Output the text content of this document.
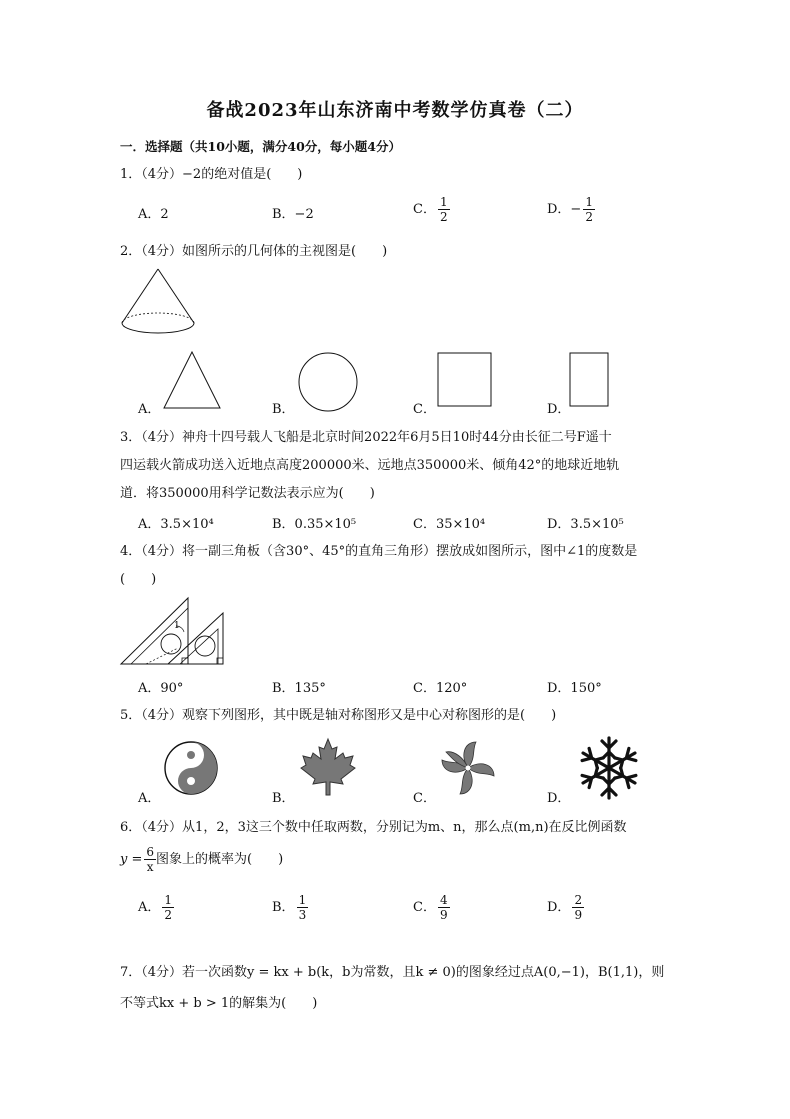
备战2023年山东济南中考数学仿真卷（二）
一．选择题（共10小题，满分40分，每小题4分）
1．（4分）−2的绝对值是(　　)
A．2	B．−2	C． $\frac{1}{2}$	D．− $\frac{1}{2}$
2．（4分）如图所示的几何体的主视图是(　　)
A．	B．	C．	D．
3．（4分）神舟十四号载人飞船是北京时间2022年6月5日10时44分由长征二号F遥十
四运载火箭成功送入近地点高度200000米、远地点350000米、倾角42°的地球近地轨
道．将350000用科学记数法表示应为(　　)
A．3.5×10⁴	B．0.35×10⁵	C．35×10⁴	D．3.5×10⁵
4．（4分）将一副三角板（含30°、45°的直角三角形）摆放成如图所示，图中∠1的度数是
(　　)
1
A．90°	B．135°	C．120°	D．150°
5．（4分）观察下列图形，其中既是轴对称图形又是中心对称图形的是(　　)
A．	B．	C．	D．
6．（4分）从1，2，3这三个数中任取两数，分别记为m、n，那么点(m,n)在反比例函数
$y = \frac{6}{x}$ 图象上的概率为(　　)
A． $\frac{1}{2}$	B． $\frac{1}{3}$	C． $\frac{4}{9}$	D． $\frac{2}{9}$
7．（4分）若一次函数y = kx + b(k，b为常数，且k ≠ 0)的图象经过点A(0,−1)，B(1,1)，则
不等式kx + b > 1的解集为(　　)
